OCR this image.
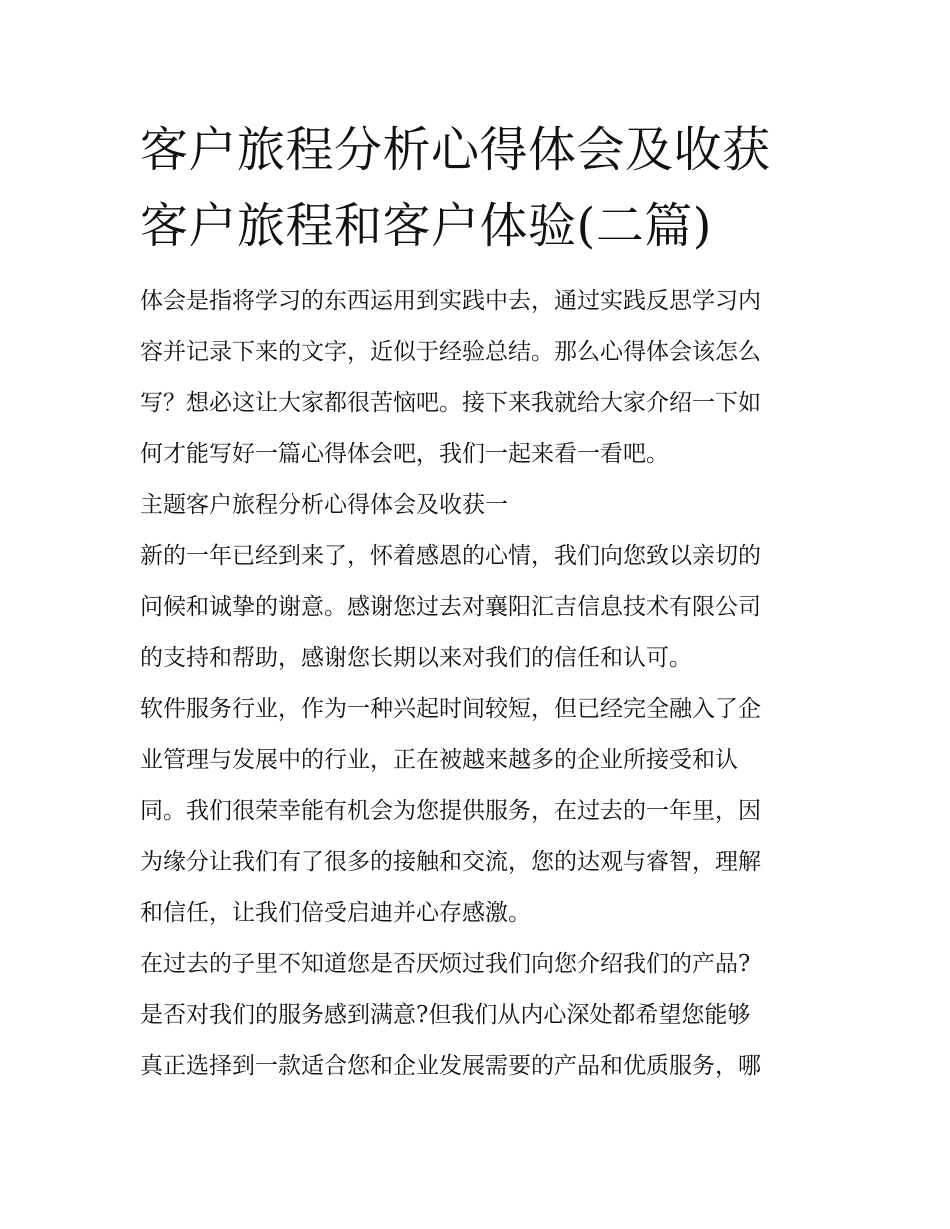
客户旅程分析心得体会及收获
客户旅程和客户体验(二篇)
体会是指将学习的东西运用到实践中去，通过实践反思学习内
容并记录下来的文字，近似于经验总结。那么心得体会该怎么
写？想必这让大家都很苦恼吧。接下来我就给大家介绍一下如
何才能写好一篇心得体会吧，我们一起来看一看吧。
主题客户旅程分析心得体会及收获一
新的一年已经到来了，怀着感恩的心情，我们向您致以亲切的
问候和诚挚的谢意。感谢您过去对襄阳汇吉信息技术有限公司
的支持和帮助，感谢您长期以来对我们的信任和认可。
软件服务行业，作为一种兴起时间较短，但已经完全融入了企
业管理与发展中的行业，正在被越来越多的企业所接受和认
同。我们很荣幸能有机会为您提供服务，在过去的一年里，因
为缘分让我们有了很多的接触和交流，您的达观与睿智，理解
和信任，让我们倍受启迪并心存感激。
在过去的子里不知道您是否厌烦过我们向您介绍我们的产品?
是否对我们的服务感到满意?但我们从内心深处都希望您能够
真正选择到一款适合您和企业发展需要的产品和优质服务，哪
